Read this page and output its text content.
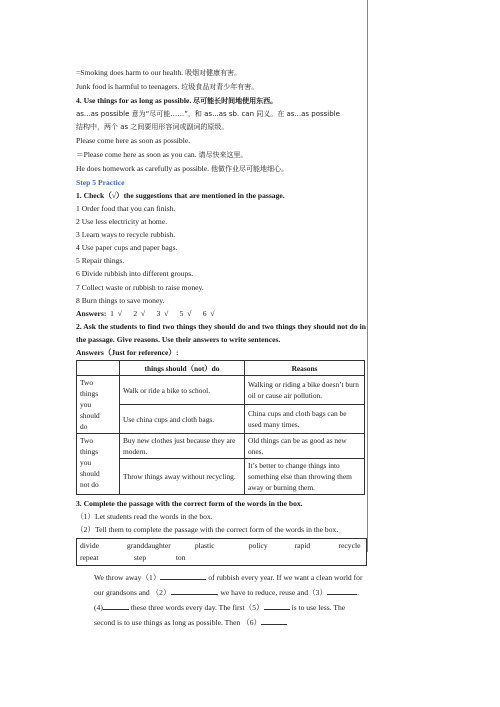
=Smoking does harm to our health. 吸烟对健康有害。
Junk food is harmful to teenagers. 垃圾食品对青少年有害。
4. Use things for as long as possible. 尽可能长时间地使用东西。
as...as possible 意为“尽可能……”，和 as...as sb. can 同义。在 as...as possible
结构中，两个 as 之间要用形容词或副词的原级。
Please come here as soon as possible.
＝Please come here as soon as you can. 请尽快来这里。
He does homework as carefully as possible. 他做作业尽可能地细心。
Step 5 Practice
1. Check（√）the suggestions that are mentioned in the passage.
1 Order food that you can finish.
2 Use less electricity at home.
3 Learn ways to recycle rubbish.
4 Use paper cups and paper bags.
5 Repair things.
6 Divide rubbish into different groups.
7 Collect waste or rubbish to raise money.
8 Burn things to save money.
Answers:  1  √      2  √      3  √      5  √      6  √
2. Ask the students to find two things they should do and two things they should not do in the passage. Give reasons. Use their answers to write sentences.
Answers（Just for reference）:
	things should（not）do	Reasons

Two
things
you
should
do	Walk or ride a bike to school.	Walking or riding a bike doesn’t burn oil or cause air pollution.
	Use china cups and cloth bags.	China cups and cloth bags can be used many times.

Two
things
you
should
not do	Buy new clothes just because they are modern.	Old things can be as good as new ones.
	Throw things away without recycling.	It’s better to change things into something else than throwing them away or burning them.
3. Complete the passage with the correct form of the words in the box.
（1）Let students read the words in the box.
（2）Tell them to complete the passage with the correct form of the words in the box.
divide	granddaughter	plastic	policy	rapid	recycle
repeat	step	ton
We throw away（1）	of rubbish every year. If we want a clean world for our grandsons and （2）	, we have to reduce, reuse and（3）	. (4)	these three words every day. The first（5）	is to use less. The second is to use things as long as possible. Then （6）
